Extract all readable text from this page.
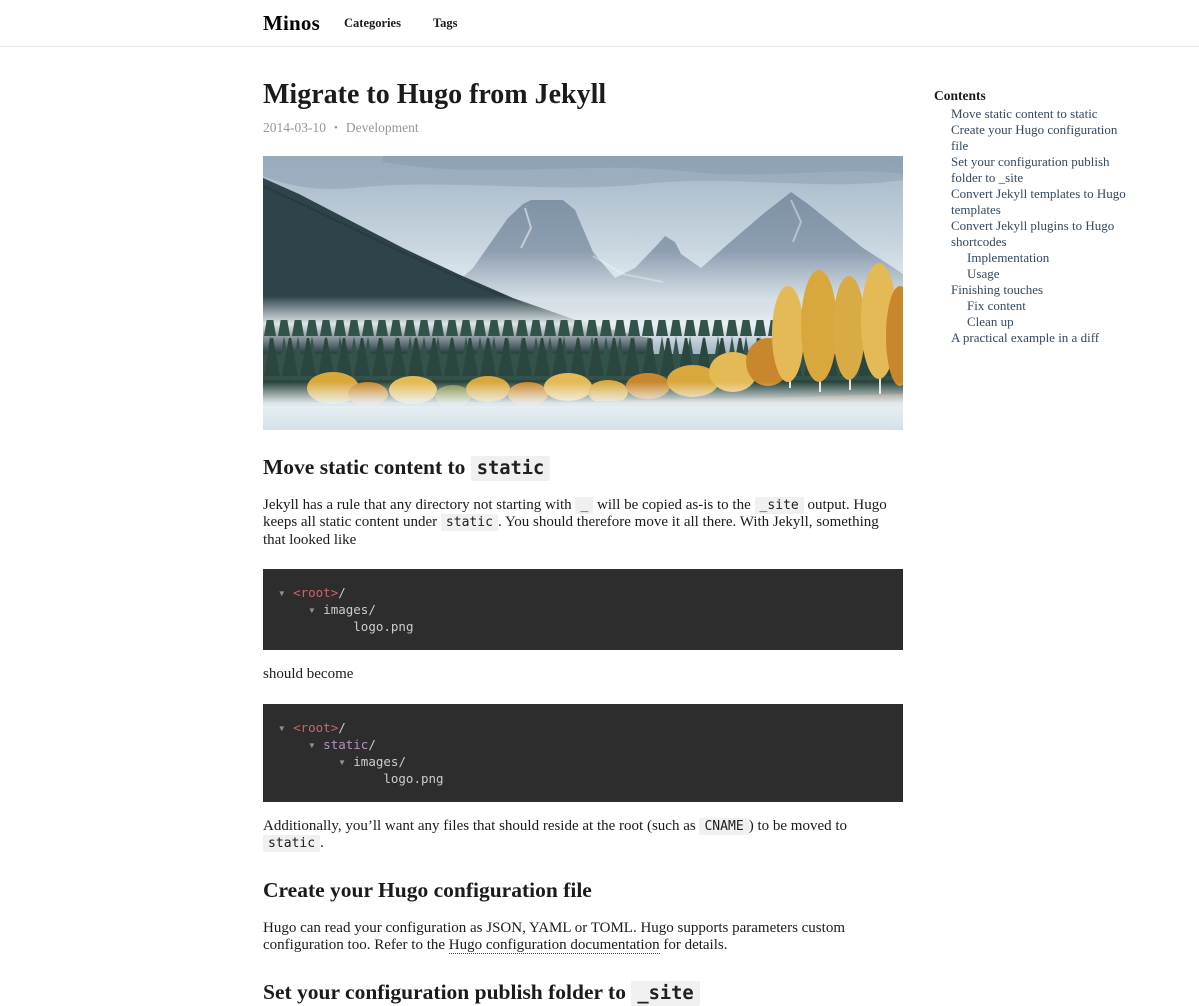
Minos Categories	Tags
Migrate to Hugo from Jekyll
2014-03-10 • Development
Move static content to static

Jekyll has a rule that any directory not starting with _ will be copied as-is to the _site output. Hugo keeps all static content under static . You should therefore move it all there. With Jekyll, something that looked like

▾ <root>/
▾ images/
logo.png

should become

▾ <root>/
▾ static/
▾ images/
logo.png

Additionally, you’ll want any files that should reside at the root (such as CNAME ) to be moved to static .

Create your Hugo configuration file

Hugo can read your configuration as JSON, YAML or TOML. Hugo supports parameters custom configuration too. Refer to the Hugo configuration documentation for details.

Set your configuration publish folder to _site
Contents
Move static content to static
Create your Hugo configuration file
Set your configuration publish folder to _site
Convert Jekyll templates to Hugo templates
Convert Jekyll plugins to Hugo shortcodes
Implementation
Usage
Finishing touches
Fix content
Clean up
A practical example in a diff
